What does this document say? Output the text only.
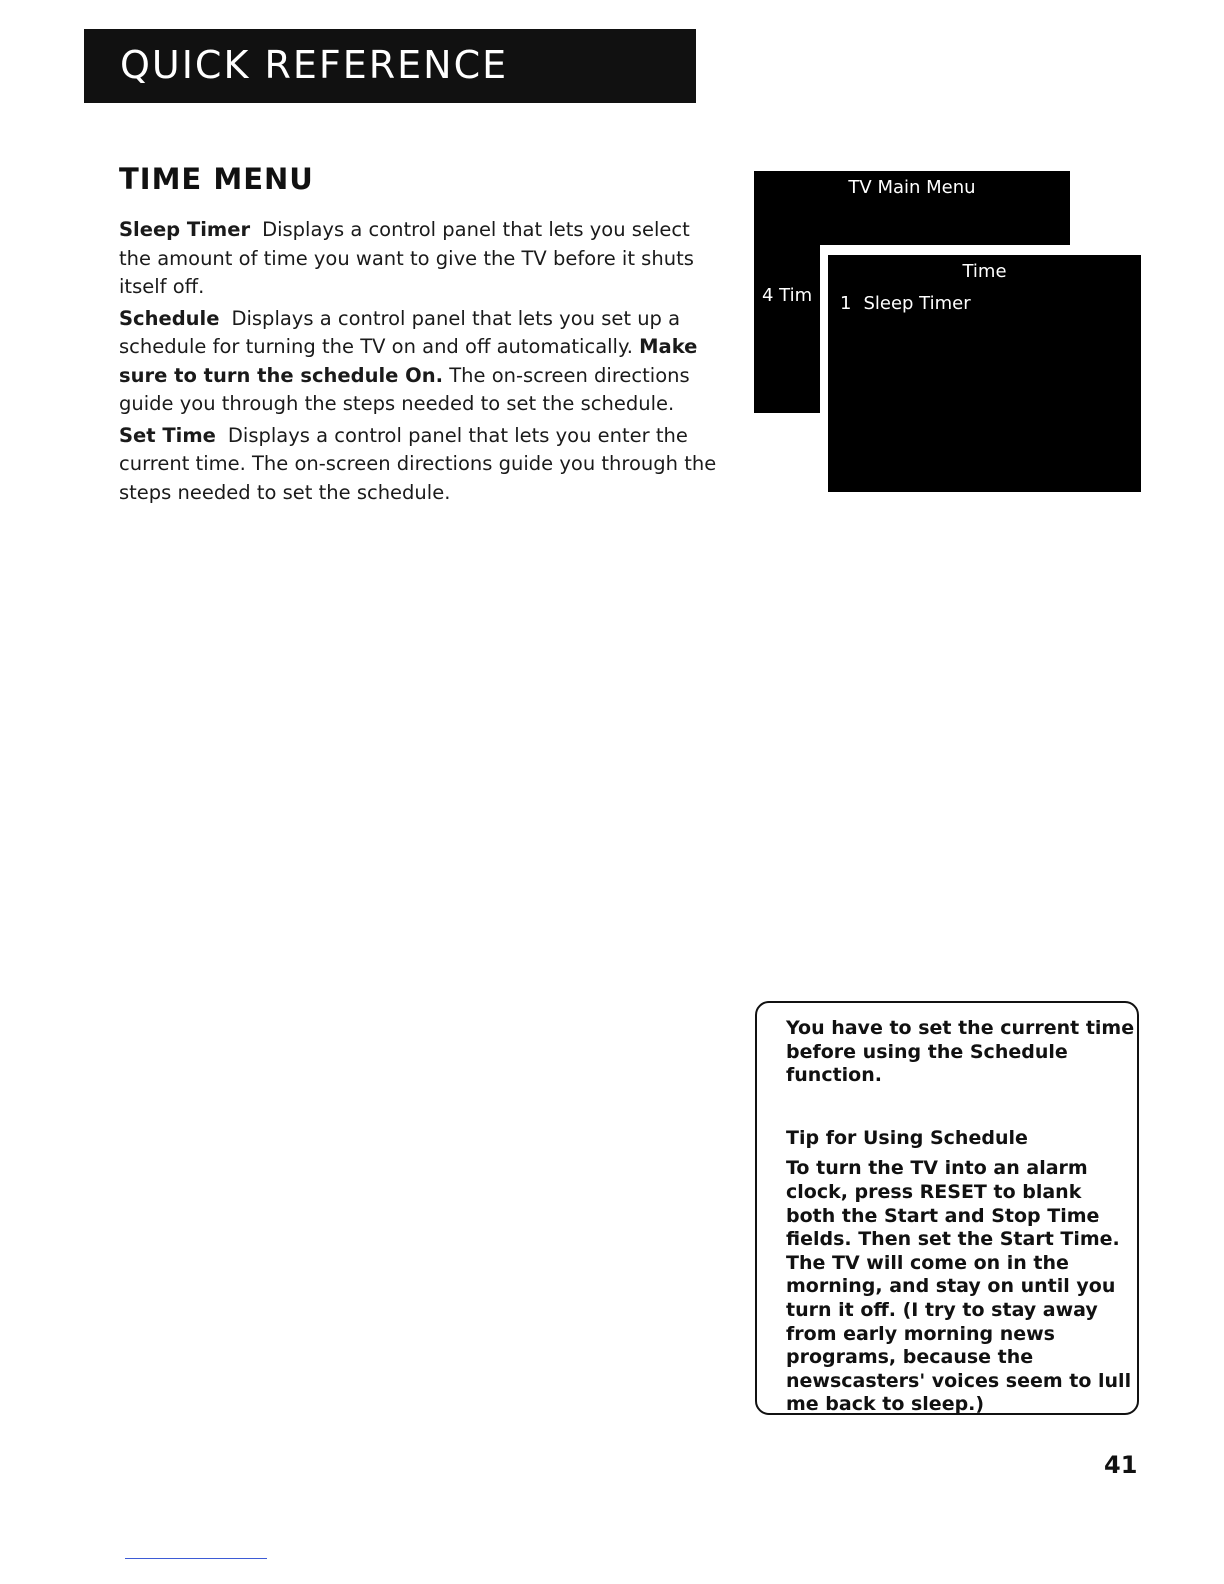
QUICK REFERENCE
TIME MENU

Sleep Timer Displays a control panel that lets you select the amount of time you want to give the TV before it shuts itself off.

Schedule Displays a control panel that lets you set up a schedule for turning the TV on and off automatically. Make sure to turn the schedule On. The on-screen directions guide you through the steps needed to set the schedule.

Set Time Displays a control panel that lets you enter the current time. The on-screen directions guide you through the steps needed to set the schedule.

TV Main Menu
4 Tim
Time
1 Sleep Timer

You have to set the current time before using the Schedule function.

Tip for Using Schedule

To turn the TV into an alarm clock, press RESET to blank both the Start and Stop Time fields. Then set the Start Time. The TV will come on in the morning, and stay on until you turn it off. (I try to stay away from early morning news programs, because the newscasters' voices seem to lull me back to sleep.)

41
